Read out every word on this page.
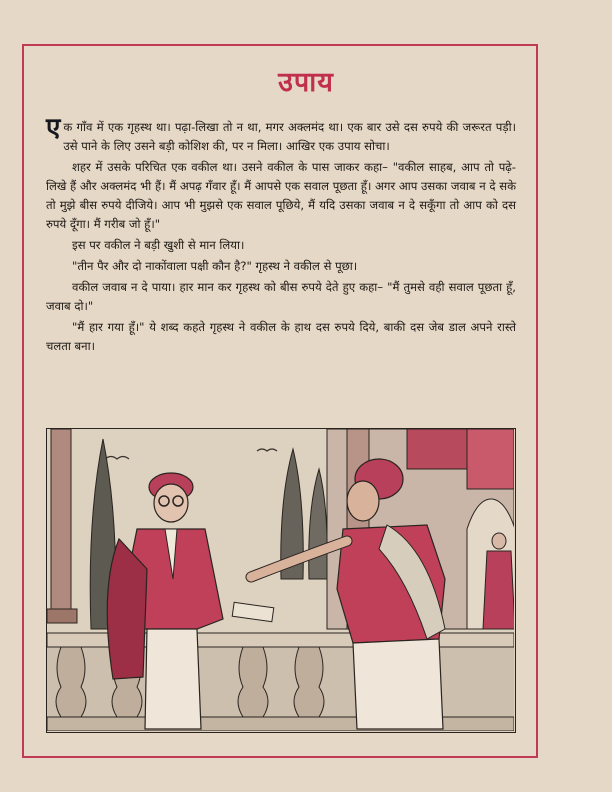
उपाय

एक गाँव में एक गृहस्थ था। पढ़ा-लिखा तो न था, मगर अक्लमंद था। एक बार उसे दस रुपये की जरूरत पड़ी। उसे पाने के लिए उसने बड़ी कोशिश की, पर न मिला। आखिर एक उपाय सोचा।

शहर में उसके परिचित एक वकील था। उसने वकील के पास जाकर कहा– "वकील साहब, आप तो पढ़े-लिखे हैं और अक्लमंद भी हैं। मैं अपढ़ गँवार हूँ। मैं आपसे एक सवाल पूछता हूँ। अगर आप उसका जवाब न दे सके तो मुझे बीस रुपये दीजिये। आप भी मुझसे एक सवाल पूछिये, मैं यदि उसका जवाब न दे सकूँगा तो आप को दस रुपये दूँगा। मैं गरीब जो हूँ।"

इस पर वकील ने बड़ी खुशी से मान लिया।

"तीन पैर और दो नाकोंवाला पक्षी कौन है?" गृहस्थ ने वकील से पूछा।

वकील जवाब न दे पाया। हार मान कर गृहस्थ को बीस रुपये देते हुए कहा– "मैं तुमसे वही सवाल पूछता हूँ, जवाब दो।"

"मैं हार गया हूँ।" ये शब्द कहते गृहस्थ ने वकील के हाथ दस रुपये दिये, बाकी दस जेब डाल अपने रास्ते चलता बना।
